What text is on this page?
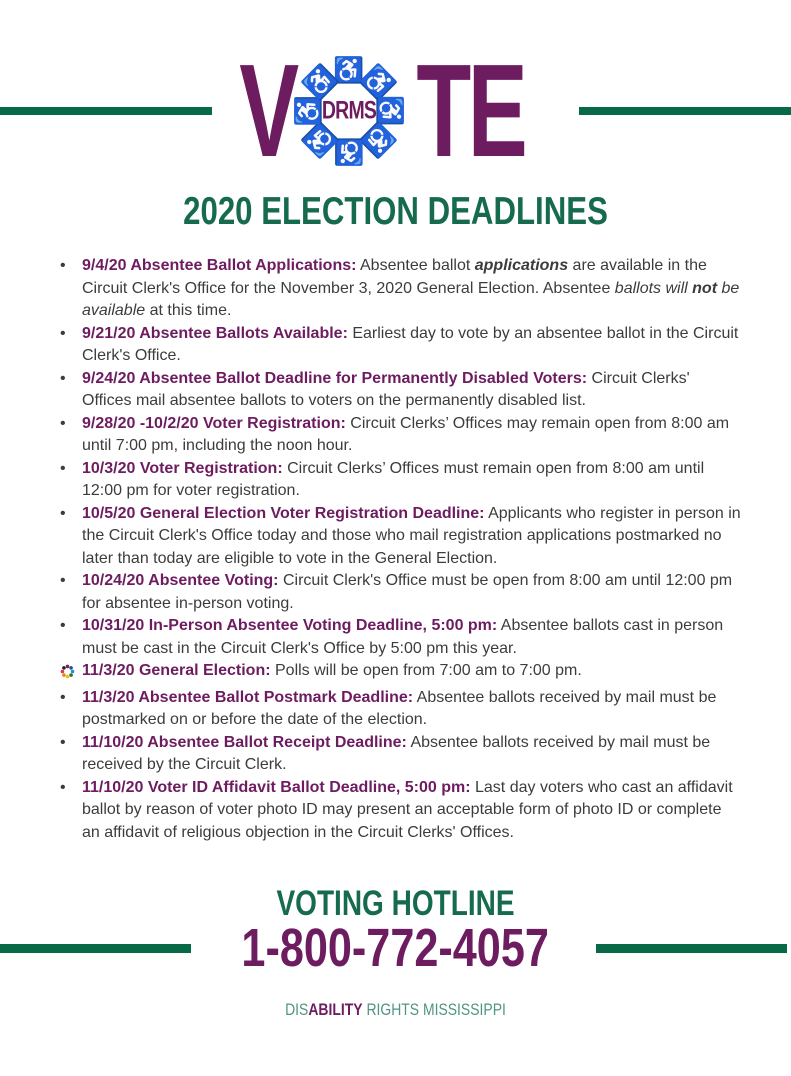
V DRMS
♿
♿
♿
♿
♿
♿
♿
♿ TE
2020 ELECTION DEADLINES
•	9/4/20 Absentee Ballot Applications: Absentee ballot applications are available in the Circuit Clerk's Office for the November 3, 2020 General Election. Absentee ballots will not be available at this time.
•	9/21/20 Absentee Ballots Available: Earliest day to vote by an absentee ballot in the Circuit Clerk's Office.
•	9/24/20 Absentee Ballot Deadline for Permanently Disabled Voters: Circuit Clerks' Offices mail absentee ballots to voters on the permanently disabled list.
•	9/28/20 -10/2/20 Voter Registration: Circuit Clerks’ Offices may remain open from 8:00 am until 7:00 pm, including the noon hour.
•	10/3/20 Voter Registration: Circuit Clerks’ Offices must remain open from 8:00 am until 12:00 pm for voter registration.
•	10/5/20 General Election Voter Registration Deadline: Applicants who register in person in the Circuit Clerk's Office today and those who mail registration applications postmarked no later than today are eligible to vote in the General Election.
•	10/24/20 Absentee Voting: Circuit Clerk's Office must be open from 8:00 am until 12:00 pm for absentee in-person voting.
•	10/31/20 In-Person Absentee Voting Deadline, 5:00 pm: Absentee ballots cast in person must be cast in the Circuit Clerk's Office by 5:00 pm this year.
11/3/20 General Election: Polls will be open from 7:00 am to 7:00 pm.
•	11/3/20 Absentee Ballot Postmark Deadline: Absentee ballots received by mail must be postmarked on or before the date of the election.
•	11/10/20 Absentee Ballot Receipt Deadline: Absentee ballots received by mail must be received by the Circuit Clerk.
•	11/10/20 Voter ID Affidavit Ballot Deadline, 5:00 pm: Last day voters who cast an affidavit ballot by reason of voter photo ID may present an acceptable form of photo ID or complete an affidavit of religious objection in the Circuit Clerks' Offices.
VOTING HOTLINE
1-800-772-4057
DISABILITY RIGHTS MISSISSIPPI
